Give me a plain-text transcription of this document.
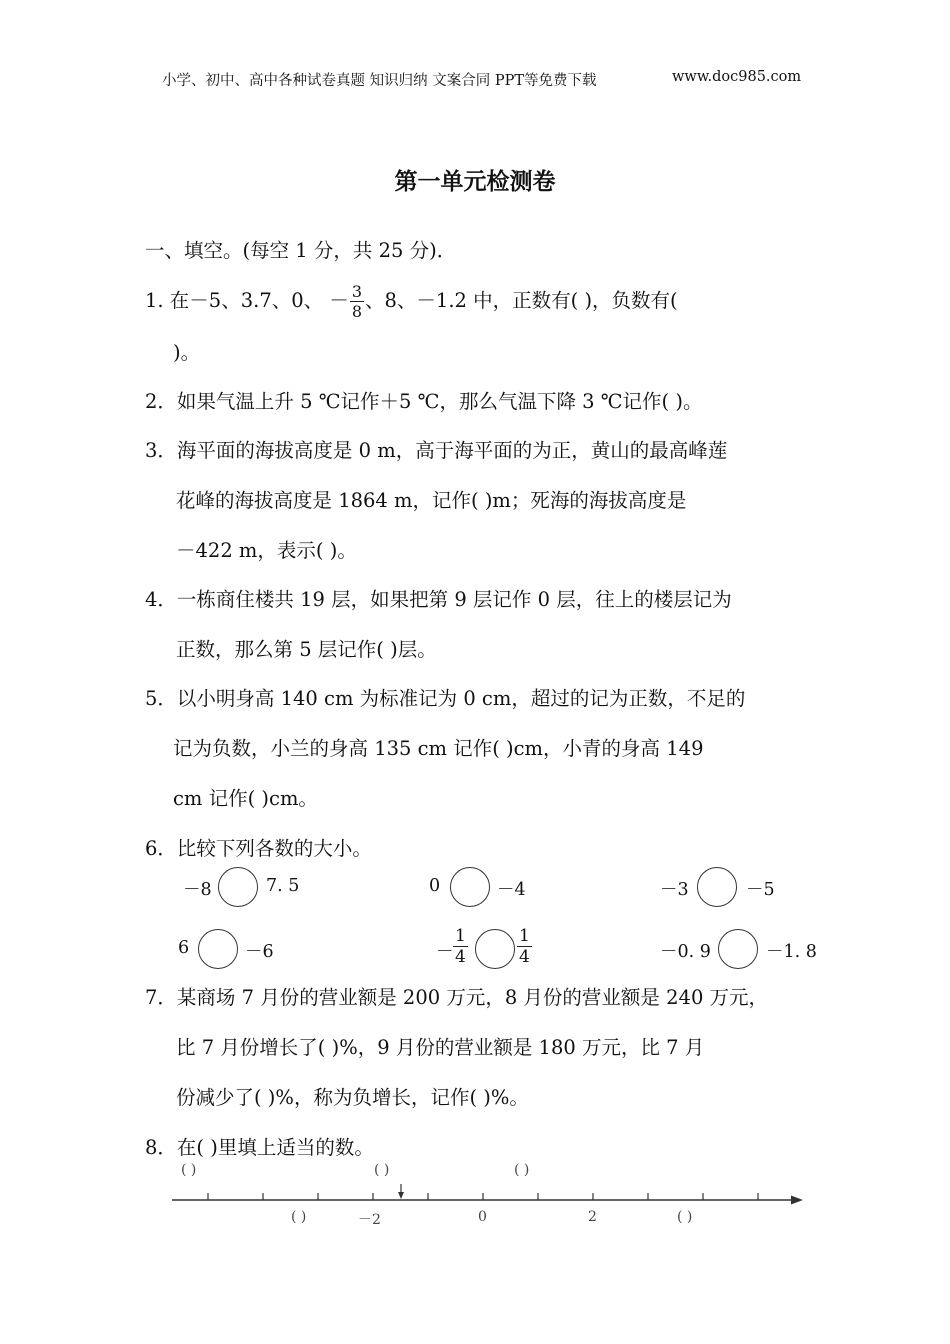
小学、初中、高中各种试卷真题 知识归纳 文案合同 PPT等免费下载	www.doc985.com
第一单元检测卷
一、填空。(每空 1 分，共 25 分)．
1. 在－5、3.7、0、 － $\frac{3}{8}$ 、8、－1.2 中，正数有( )，负数有(
)。
2．如果气温上升 5 ℃记作＋5 ℃，那么气温下降 3 ℃记作( )。
3．海平面的海拔高度是 0 m，高于海平面的为正，黄山的最高峰莲
花峰的海拔高度是 1864 m，记作( )m；死海的海拔高度是
－422 m，表示( )。
4．一栋商住楼共 19 层，如果把第 9 层记作 0 层，往上的楼层记为
正数，那么第 5 层记作( )层。
5．以小明身高 140 cm 为标准记为 0 cm，超过的记为正数，不足的
记为负数，小兰的身高 135 cm 记作( )cm，小青的身高 149
cm 记作( )cm。
6．比较下列各数的大小。
－8	7. 5	0	－4	－3	－5
6	－6	－ $\frac{1}{4}$	$\frac{1}{4}$	－0. 9	－1. 8
7．某商场 7 月份的营业额是 200 万元，8 月份的营业额是 240 万元，
比 7 月份增长了( )%，9 月份的营业额是 180 万元，比 7 月
份减少了( )%，称为负增长，记作( )%。
8．在( )里填上适当的数。
( )	( )	( )
( )	－2	0	2	( )
